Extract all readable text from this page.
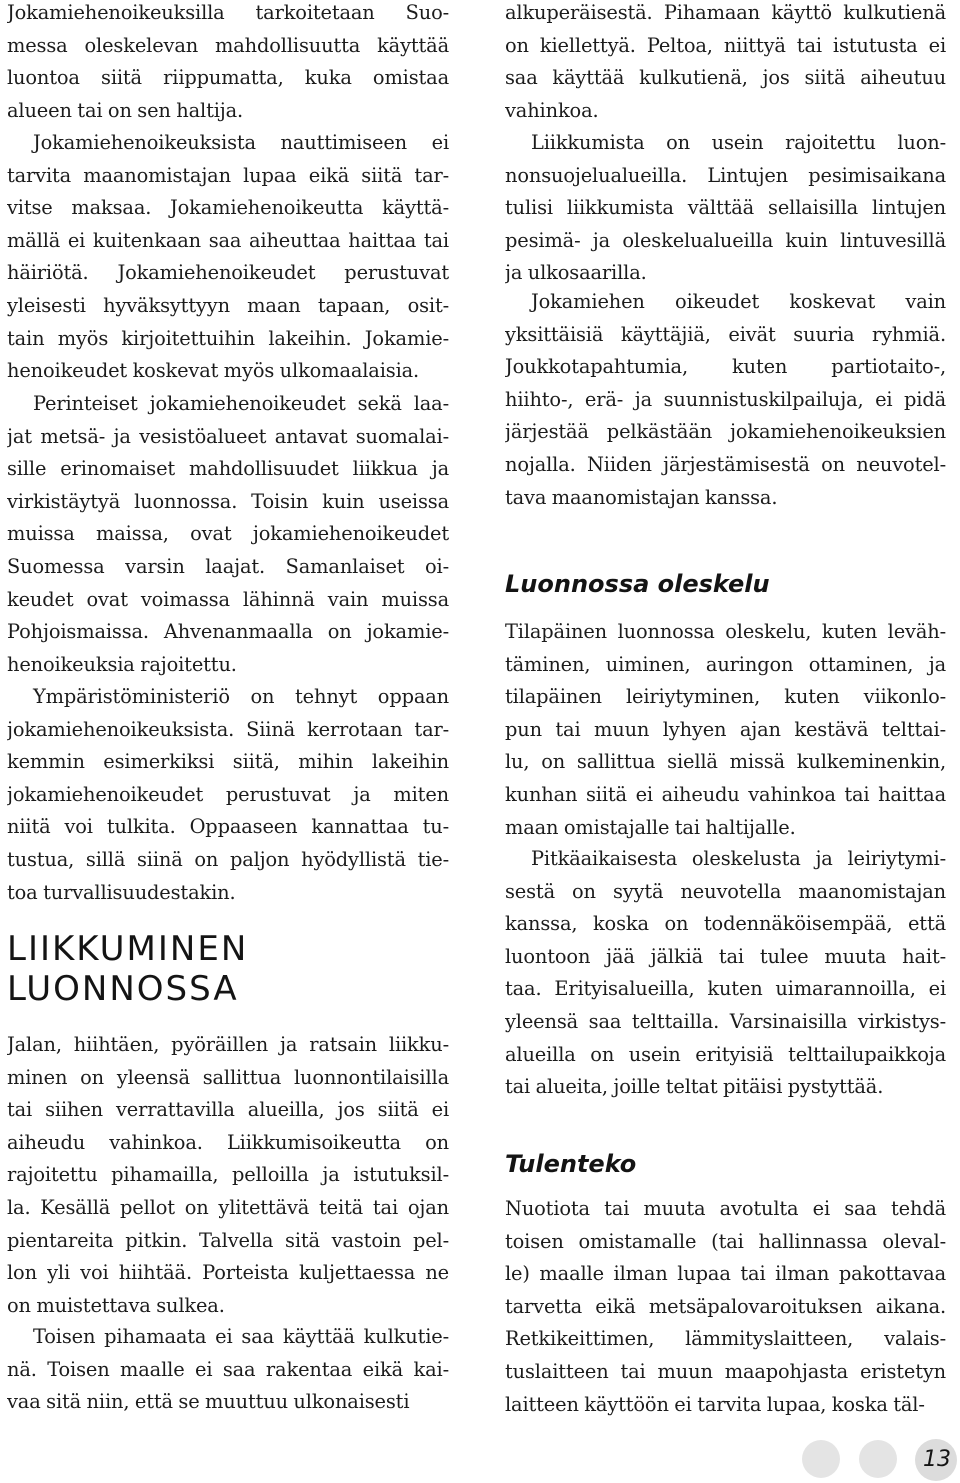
Jokamiehenoikeuksilla tarkoitetaan Suo-
messa oleskelevan mahdollisuutta käyttää
luontoa siitä riippumatta, kuka omistaa
alueen tai on sen haltija.

Jokamiehenoikeuksista nauttimiseen ei
tarvita maanomistajan lupaa eikä siitä tar-
vitse maksaa. Jokamiehenoikeutta käyttä-
mällä ei kuitenkaan saa aiheuttaa haittaa tai
häiriötä. Jokamiehenoikeudet perustuvat
yleisesti hyväksyttyyn maan tapaan, osit-
tain myös kirjoitettuihin lakeihin. Jokamie-
henoikeudet koskevat myös ulkomaalaisia.

Perinteiset jokamiehenoikeudet sekä laa-
jat metsä- ja vesistöalueet antavat suomalai-
sille erinomaiset mahdollisuudet liikkua ja
virkistäytyä luonnossa. Toisin kuin useissa
muissa maissa, ovat jokamiehenoikeudet
Suomessa varsin laajat. Samanlaiset oi-
keudet ovat voimassa lähinnä vain muissa
Pohjoismaissa. Ahvenanmaalla on jokamie-
henoikeuksia rajoitettu.

Ympäristöministeriö on tehnyt oppaan
jokamiehenoikeuksista. Siinä kerrotaan tar-
kemmin esimerkiksi siitä, mihin lakeihin
jokamiehenoikeudet perustuvat ja miten
niitä voi tulkita. Oppaaseen kannattaa tu-
tustua, sillä siinä on paljon hyödyllistä tie-
toa turvallisuudestakin.

LIIKKUMINEN
LUONNOSSA

Jalan, hiihtäen, pyöräillen ja ratsain liikku-
minen on yleensä sallittua luonnontilaisilla
tai siihen verrattavilla alueilla, jos siitä ei
aiheudu vahinkoa. Liikkumisoikeutta on
rajoitettu pihamailla, pelloilla ja istutuksil-
la. Kesällä pellot on ylitettävä teitä tai ojan
pientareita pitkin. Talvella sitä vastoin pel-
lon yli voi hiihtää. Porteista kuljettaessa ne
on muistettava sulkea.

Toisen pihamaata ei saa käyttää kulkutie-
nä. Toisen maalle ei saa rakentaa eikä kai-
vaa sitä niin, että se muuttuu ulkonaisesti

alkuperäisestä. Pihamaan käyttö kulkutienä
on kiellettyä. Peltoa, niittyä tai istutusta ei
saa käyttää kulkutienä, jos siitä aiheutuu
vahinkoa.

Liikkumista on usein rajoitettu luon-
nonsuojelualueilla. Lintujen pesimisaikana
tulisi liikkumista välttää sellaisilla lintujen
pesimä- ja oleskelualueilla kuin lintuvesillä
ja ulkosaarilla.

Jokamiehen oikeudet koskevat vain
yksittäisiä käyttäjiä, eivät suuria ryhmiä.
Joukkotapahtumia, kuten partiotaito-,
hiihto-, erä- ja suunnistuskilpailuja, ei pidä
järjestää pelkästään jokamiehenoikeuksien
nojalla. Niiden järjestämisestä on neuvotel-
tava maanomistajan kanssa.

Luonnossa oleskelu

Tilapäinen luonnossa oleskelu, kuten leväh-
täminen, uiminen, auringon ottaminen, ja
tilapäinen leiriytyminen, kuten viikonlo-
pun tai muun lyhyen ajan kestävä telttai-
lu, on sallittua siellä missä kulkeminenkin,
kunhan siitä ei aiheudu vahinkoa tai haittaa
maan omistajalle tai haltijalle.

Pitkäaikaisesta oleskelusta ja leiriytymi-
sestä on syytä neuvotella maanomistajan
kanssa, koska on todennäköisempää, että
luontoon jää jälkiä tai tulee muuta hait-
taa. Erityisalueilla, kuten uimarannoilla, ei
yleensä saa telttailla. Varsinaisilla virkistys-
alueilla on usein erityisiä telttailupaikkoja
tai alueita, joille teltat pitäisi pystyttää.

Tulenteko

Nuotiota tai muuta avotulta ei saa tehdä
toisen omistamalle (tai hallinnassa oleval-
le) maalle ilman lupaa tai ilman pakottavaa
tarvetta eikä metsäpalovaroituksen aikana.
Retkikeittimen, lämmityslaitteen, valais-
tuslaitteen tai muun maapohjasta eristetyn
laitteen käyttöön ei tarvita lupaa, koska täl-

13
